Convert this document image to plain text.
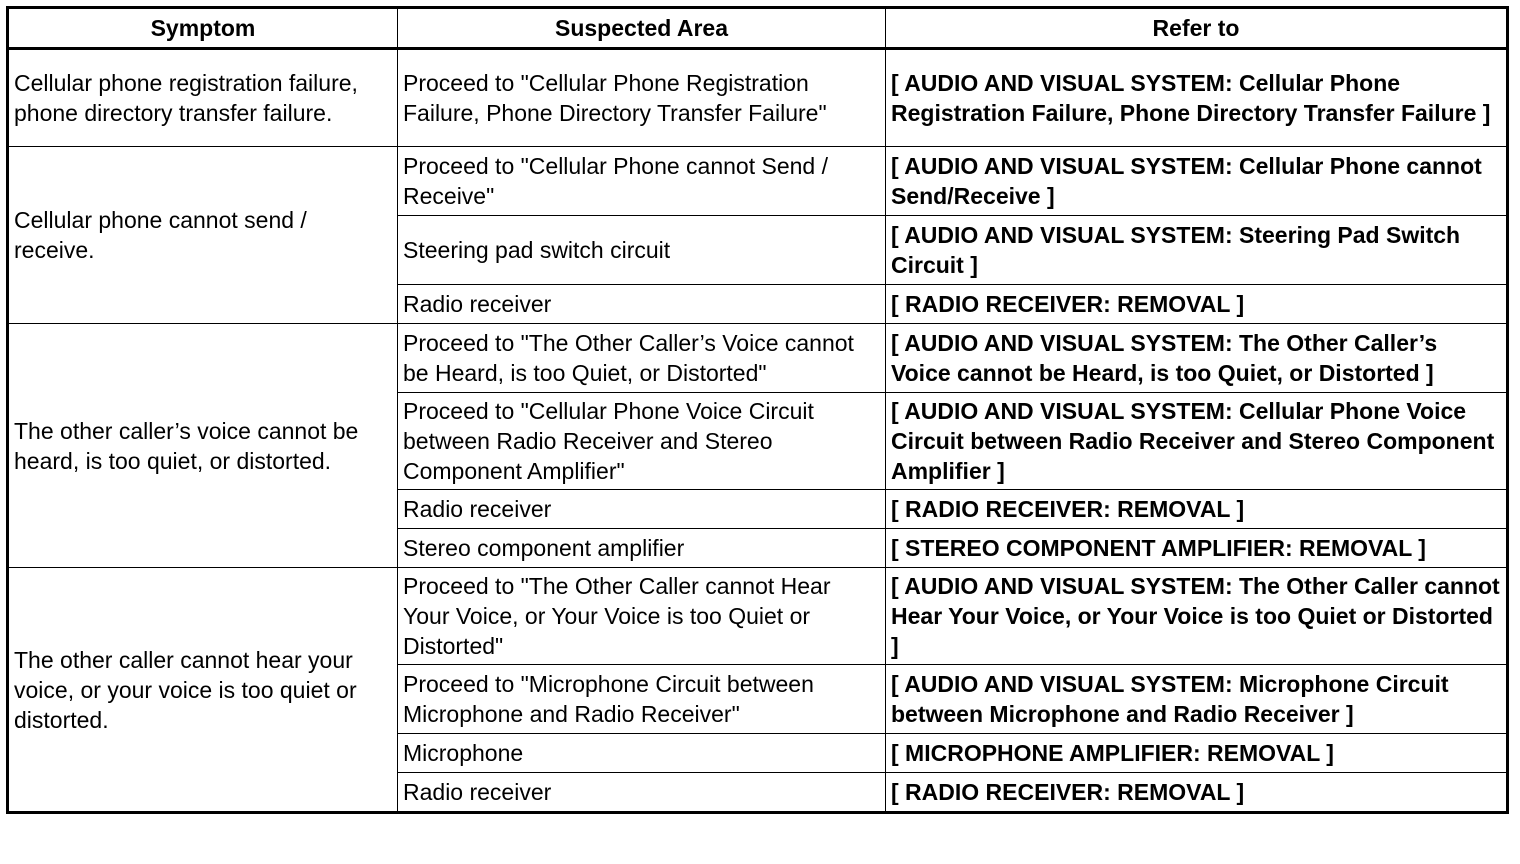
Symptom	Suspected Area	Refer to
Cellular phone registration failure, phone directory transfer failure.	Proceed to "Cellular Phone Registration Failure, Phone Directory Transfer Failure"	[ AUDIO AND VISUAL SYSTEM: Cellular Phone Registration Failure, Phone Directory Transfer Failure ]
Cellular phone cannot send / receive.	Proceed to "Cellular Phone cannot Send / Receive"	[ AUDIO AND VISUAL SYSTEM: Cellular Phone cannot Send/Receive ]
	Steering pad switch circuit	[ AUDIO AND VISUAL SYSTEM: Steering Pad Switch Circuit ]
	Radio receiver	[ RADIO RECEIVER: REMOVAL ]
The other caller’s voice cannot be heard, is too quiet, or distorted.	Proceed to "The Other Caller’s Voice cannot be Heard, is too Quiet, or Distorted"	[ AUDIO AND VISUAL SYSTEM: The Other Caller’s Voice cannot be Heard, is too Quiet, or Distorted ]
	Proceed to "Cellular Phone Voice Circuit between Radio Receiver and Stereo Component Amplifier"	[ AUDIO AND VISUAL SYSTEM: Cellular Phone Voice Circuit between Radio Receiver and Stereo Component Amplifier ]
	Radio receiver	[ RADIO RECEIVER: REMOVAL ]
	Stereo component amplifier	[ STEREO COMPONENT AMPLIFIER: REMOVAL ]
The other caller cannot hear your voice, or your voice is too quiet or distorted.	Proceed to "The Other Caller cannot Hear Your Voice, or Your Voice is too Quiet or Distorted"	[ AUDIO AND VISUAL SYSTEM: The Other Caller cannot Hear Your Voice, or Your Voice is too Quiet or Distorted ]
	Proceed to "Microphone Circuit between Microphone and Radio Receiver"	[ AUDIO AND VISUAL SYSTEM: Microphone Circuit between Microphone and Radio Receiver ]
	Microphone	[ MICROPHONE AMPLIFIER: REMOVAL ]
	Radio receiver	[ RADIO RECEIVER: REMOVAL ]
